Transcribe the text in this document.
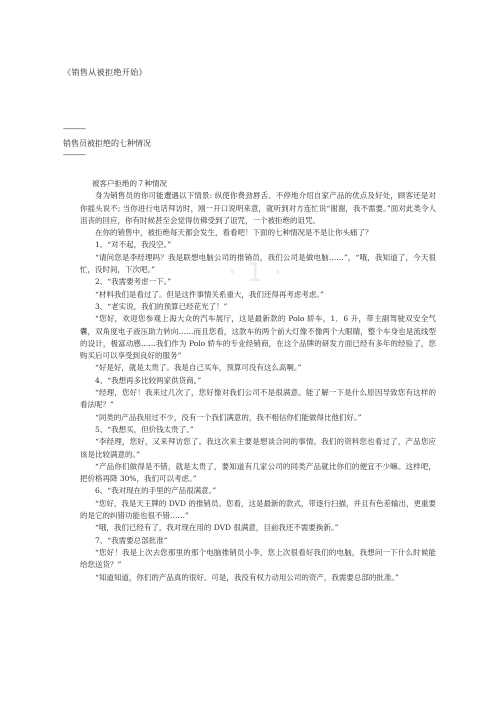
《销售从被拒绝开始》
------------
销售员被拒绝的七种情况
------------
· 1 ·

被客户拒绝的７种情况

身为销售员的你可能遭遇以下情景: 纵使你费劲唇舌、不停地介绍自家产品的优点及好处，顾客还是对你摇头说不; 当你进行电话拜访时，刚一开口说明来意，就听到对方连忙说“谢谢，我不需要。”面对此类令人沮丧的回应，你有时候甚至会觉得仿佛受到了诅咒，一个被拒绝的诅咒。

在你的销售中，被拒绝每天都会发生，看看吧！下面的七种情况是不是让你头痛了？

1、“对不起，我没空。”

“请问您是李经理吗？我是联想电脑公司的推销员，我们公司是做电脑……”，“哦，我知道了，今天很忙，没时间，下次吧。”

2、“我需要考虑一下。”

“材料我们是看过了。但是这件事情关系重大，我们还得再考虑考虑。”

3、“老实说，我们的预算已经花光了！”

“您好，欢迎您参观上海大众的汽车展厅，这是最新款的 Polo 轿车，1．6 升，带主副驾驶双安全气囊，双角度电子液压助力转向……而且您看，这款车的两个前大灯像不像两个大眼睛，整个车身也是流线型的设计，极富动感……我们作为 Polo 轿车的专业经销商，在这个品牌的研发方面已经有多年的经验了，您购买后可以享受到良好的服务”

“好是好，就是太贵了。我是自己买车，预算可没有这么高啊。”

4、“我想再多比较两家供货商。”

“经理，您好！我来过几次了，您好像对我们公司不是很满意。能了解一下是什么原因导致您有这样的看法呢？”

“同类的产品我用过不少，没有一个我们满意的，我不相信你们能做得比他们好。”

5、“我想买，但价钱太贵了。”

“李经理，您好，又来拜访您了。我这次来主要是想谈合同的事情。我们的资料您也看过了，产品您应该是比较满意的。”

“产品你们做得是不错，就是太贵了，要知道有几家公司的同类产品就比你们的便宜不少嘛。这样吧，把价格再降 30%，我们可以考虑。”

6、“我对现在的手里的产品很满意。”

“您好，我是天王牌的 DVD 的推销员。您看，这是最新的款式，带逐行扫描，并且有色差输出，更重要的是它的纠错功能也很不错……”

“哦，我们已经有了，我对现在用的 DVD 很满意，目前我还不需要换新。”

7、“我需要总部批准”

“您好！我是上次去您那里的那个电脑推销员小李，您上次很看好我们的电脑，我想问一下什么时候能给您送货？”

“知道知道，你们的产品真的很好。可是，我没有权力动用公司的资产，我需要总部的批准。”
